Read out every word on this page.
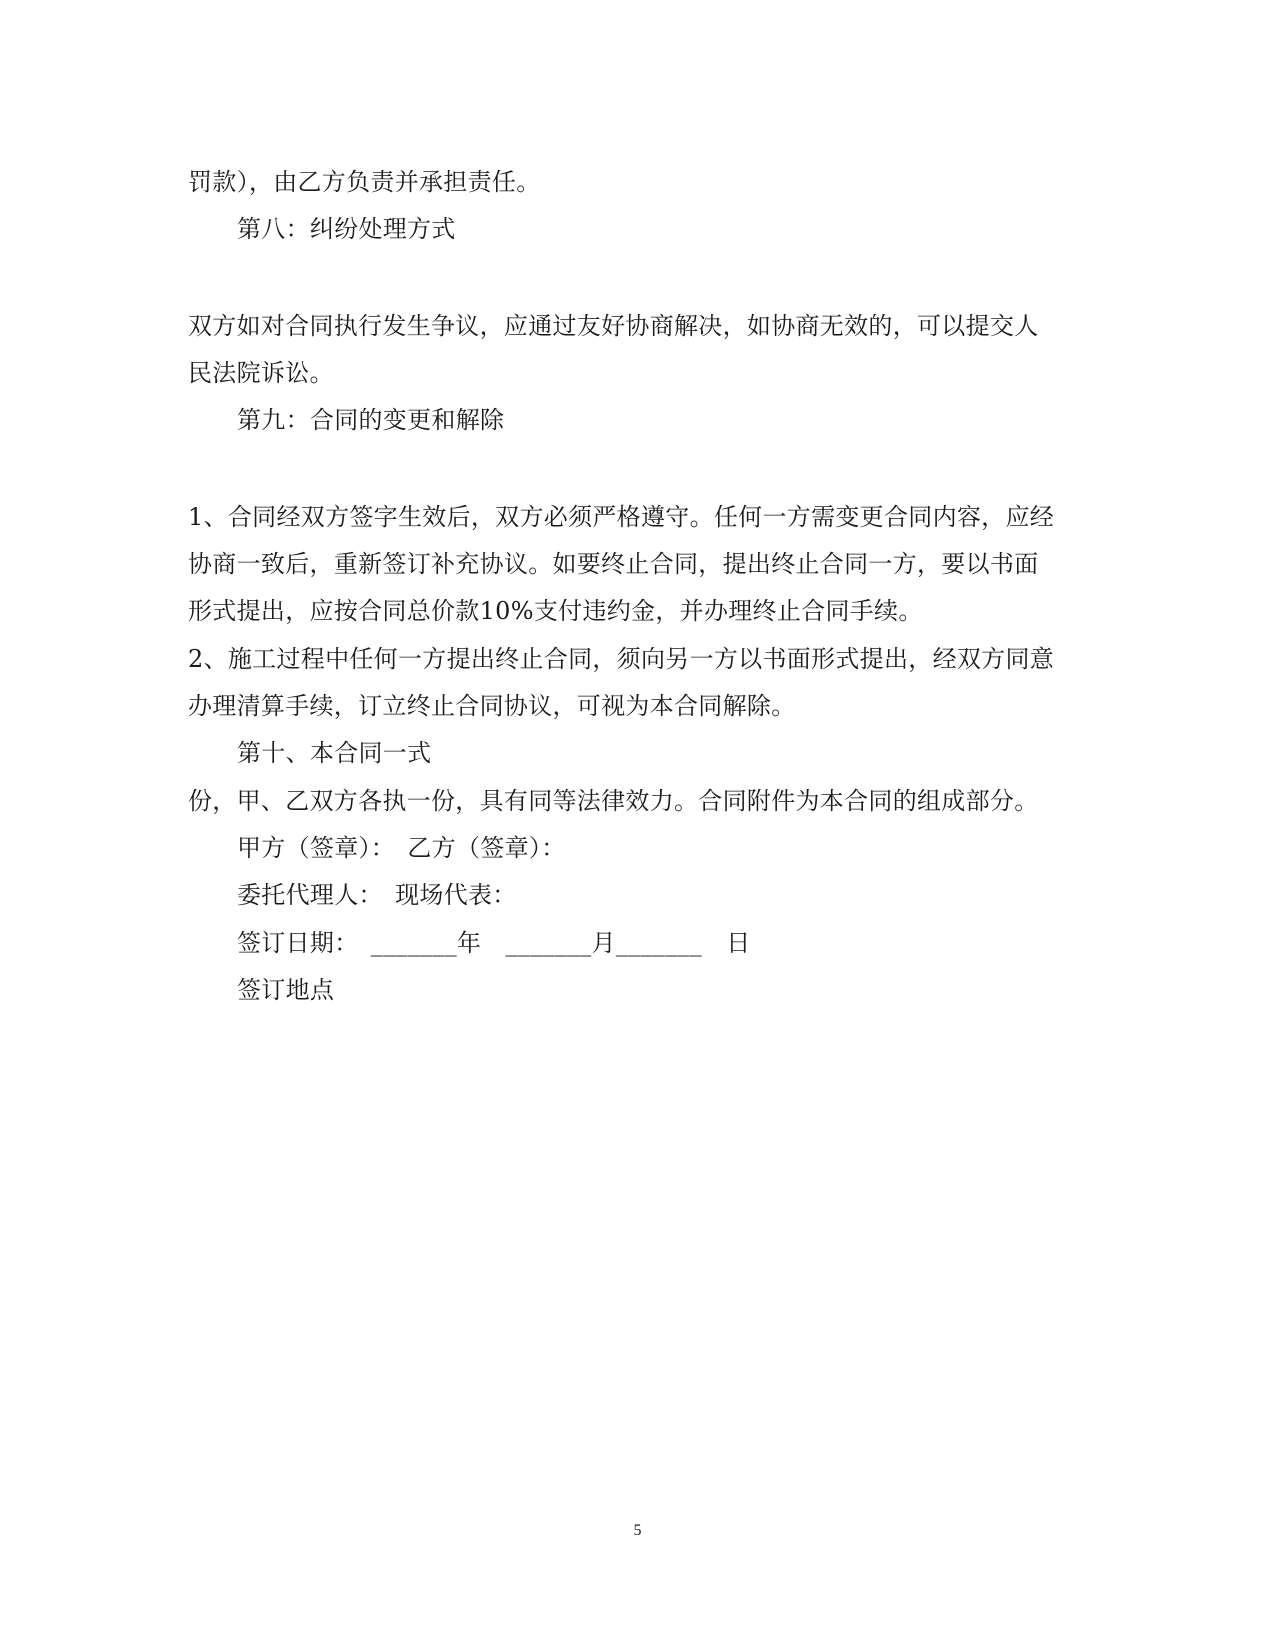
罚款），由乙方负责并承担责任。

第八：纠纷处理方式

双方如对合同执行发生争议，应通过友好协商解决，如协商无效的，可以提交人

民法院诉讼。

第九：合同的变更和解除

1、合同经双方签字生效后，双方必须严格遵守。任何一方需变更合同内容，应经

协商一致后，重新签订补充协议。如要终止合同，提出终止合同一方，要以书面

形式提出，应按合同总价款10%支付违约金，并办理终止合同手续。

2、施工过程中任何一方提出终止合同，须向另一方以书面形式提出，经双方同意

办理清算手续，订立终止合同协议，可视为本合同解除。

第十、本合同一式

份，甲、乙双方各执一份，具有同等法律效力。合同附件为本合同的组成部分。

甲方（签章）：　乙方（签章）：

委托代理人：　现场代表：

签订日期：　_______年　_______月_______　日

签订地点

5
